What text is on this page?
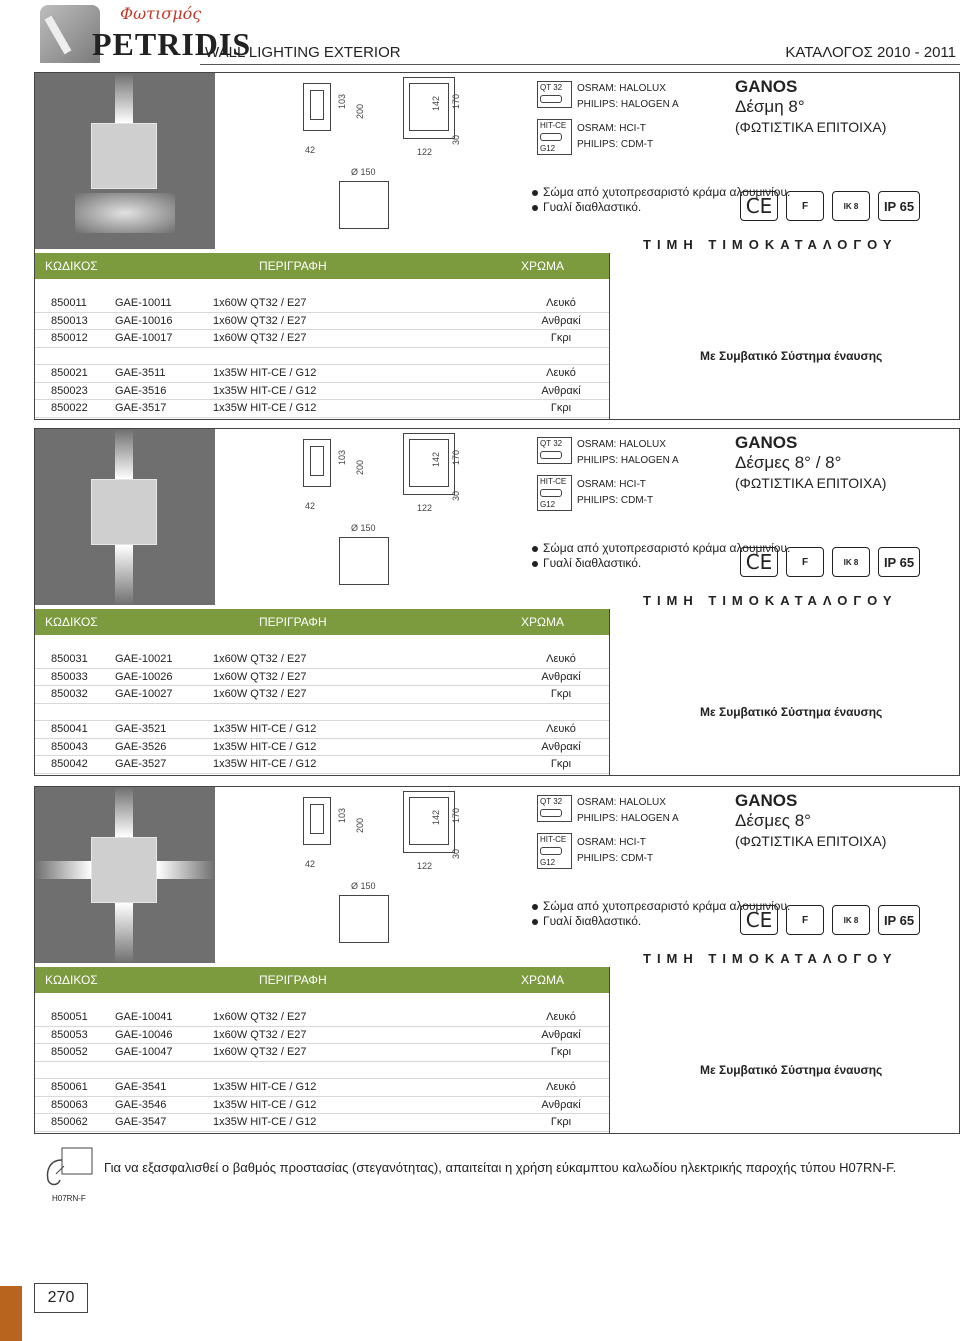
Φωτισμός
PETRIDIS
WALL LIGHTING EXTERIOR	ΚΑΤΑΛΟΓΟΣ 2010 - 2011
103
200
42
142 170
30
122
Ø 150
QT 32	OSRAM: HALOLUX
PHILIPS: HALOGEN A
HIT-CE
G12
OSRAM: HCI-T
PHILIPS: CDM-T
GANOS
Δέσμη 8°
(ΦΩΤΙΣΤΙΚΑ ΕΠΙΤΟΙΧΑ)
Σώμα από χυτοπρεσαριστό κράμα αλουμινίου.
Γυαλί διαθλαστικό.	CE	F	IK 8	IP 65
ΤΙΜΗ ΤΙΜΟΚΑΤΑΛΟΓΟΥ
ΚΩΔΙΚΟΣ	ΠΕΡΙΓΡΑΦΗ	ΧΡΩΜΑ
850011	GAE-10011	1x60W QT32 / E27	Λευκό
850013 GAE-10016	1x60W QT32 / E27	Ανθρακί
850012 GAE-10017	1x60W QT32 / E27	Γκρι
850021 GAE-3511	1x35W HIT-CE / G12	Λευκό
850023 GAE-3516	1x35W HIT-CE / G12	Ανθρακί
850022 GAE-3517	1x35W HIT-CE / G12	Γκρι
Με Συμβατικό Σύστημα έναυσης
103
200
42
142 170
30
122
Ø 150
QT 32	OSRAM: HALOLUX
PHILIPS: HALOGEN A
HIT-CE
G12
OSRAM: HCI-T
PHILIPS: CDM-T
GANOS
Δέσμες 8° / 8°
(ΦΩΤΙΣΤΙΚΑ ΕΠΙΤΟΙΧΑ)
Σώμα από χυτοπρεσαριστό κράμα αλουμινίου.
Γυαλί διαθλαστικό.	CE	F	IK 8	IP 65
ΤΙΜΗ ΤΙΜΟΚΑΤΑΛΟΓΟΥ
ΚΩΔΙΚΟΣ	ΠΕΡΙΓΡΑΦΗ	ΧΡΩΜΑ
850031 GAE-10021	1x60W QT32 / E27	Λευκό
850033 GAE-10026	1x60W QT32 / E27	Ανθρακί
850032 GAE-10027	1x60W QT32 / E27	Γκρι
850041 GAE-3521	1x35W HIT-CE / G12	Λευκό
850043 GAE-3526	1x35W HIT-CE / G12	Ανθρακί
850042 GAE-3527	1x35W HIT-CE / G12	Γκρι
Με Συμβατικό Σύστημα έναυσης
103
200
42
142 170
30
122
Ø 150
QT 32	OSRAM: HALOLUX
PHILIPS: HALOGEN A
HIT-CE
G12
OSRAM: HCI-T
PHILIPS: CDM-T
GANOS
Δέσμες 8°
(ΦΩΤΙΣΤΙΚΑ ΕΠΙΤΟΙΧΑ)
Σώμα από χυτοπρεσαριστό κράμα αλουμινίου.
Γυαλί διαθλαστικό.	CE	F	IK 8	IP 65
ΤΙΜΗ ΤΙΜΟΚΑΤΑΛΟΓΟΥ
ΚΩΔΙΚΟΣ	ΠΕΡΙΓΡΑΦΗ	ΧΡΩΜΑ
850051 GAE-10041	1x60W QT32 / E27	Λευκό
850053 GAE-10046	1x60W QT32 / E27	Ανθρακί
850052 GAE-10047	1x60W QT32 / E27	Γκρι
850061 GAE-3541	1x35W HIT-CE / G12	Λευκό
850063 GAE-3546	1x35W HIT-CE / G12	Ανθρακί
850062 GAE-3547	1x35W HIT-CE / G12	Γκρι
Με Συμβατικό Σύστημα έναυσης
H07RN-F
Για να εξασφαλισθεί ο βαθμός προστασίας (στεγανότητας), απαιτείται η χρήση εύκαμπτου καλωδίου ηλεκτρικής παροχής τύπου H07RN-F.
270
